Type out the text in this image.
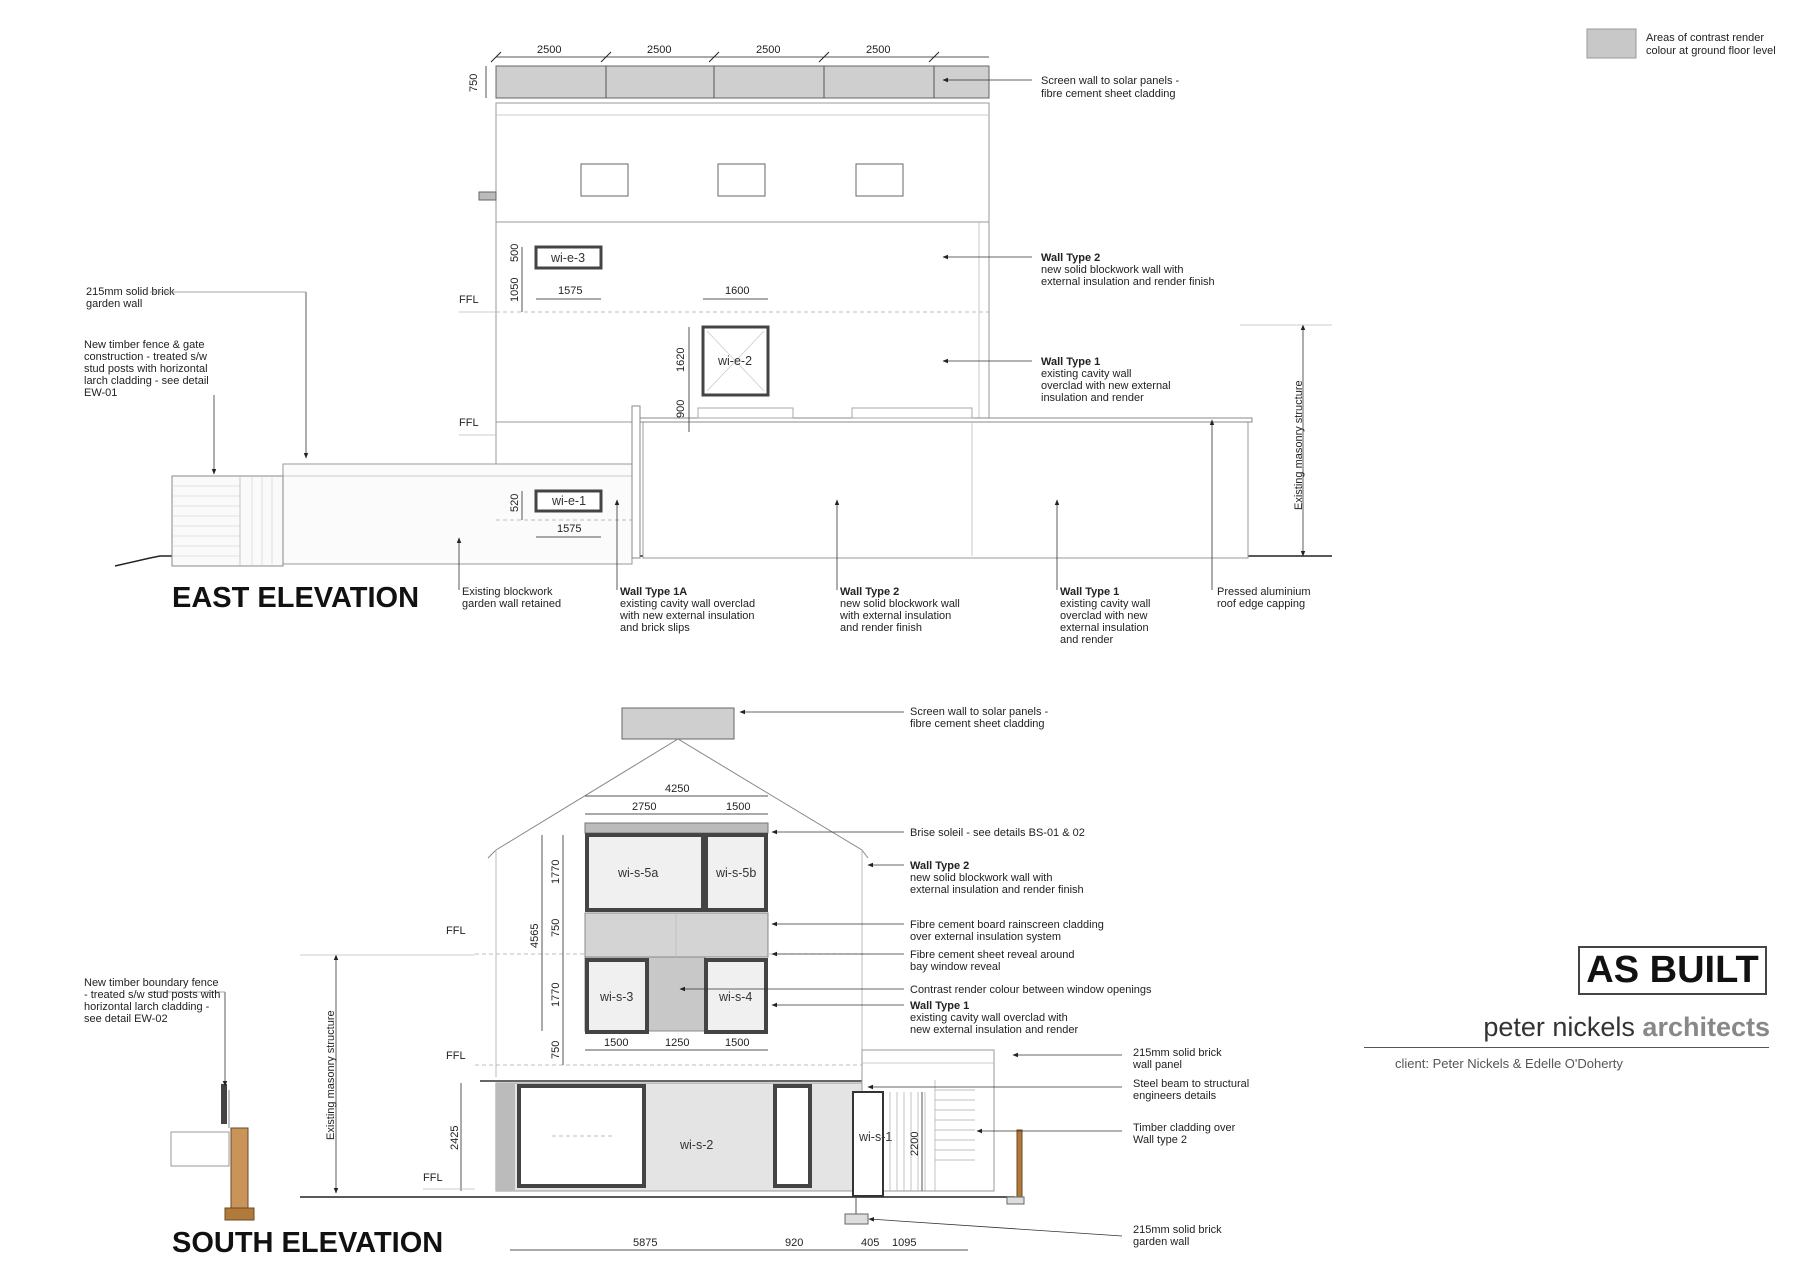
Areas of contrast render
colour at ground floor level
wi-e-3
wi-e-2
wi-e-1
2500	2500	2500	2500
750
500
1050	1575	1600
1620
900
520
1575
FFL
FFL	Existing masonry structure
Screen wall to solar panels -
fibre cement sheet cladding
Wall Type 2
new solid blockwork wall with
external insulation and render finish
Wall Type 1
existing cavity wall
overclad with new external
insulation and render
215mm solid brick
garden wall
New timber fence & gate
construction - treated s/w
stud posts with horizontal
larch cladding - see detail
EW-01
Existing blockwork
garden wall retained
Wall Type 1A
existing cavity wall overclad
with new external insulation
and brick slips
Wall Type 2
new solid blockwork wall
with external insulation
and render finish
Wall Type 1
existing cavity wall
overclad with new
external insulation
and render
Pressed aluminium
roof edge capping
EAST ELEVATION
wi-s-5a	wi-s-5b
wi-s-3	wi-s-4
wi-s-2
wi-s-1
4250
2750	1500
1770
750
1770
750
4565
1500	1250	1500
2425	2200
5875	920	405 1095
FFL
FFL
FFL
Existing masonry structure
Screen wall to solar panels -
fibre cement sheet cladding
Brise soleil - see details BS-01 & 02
Wall Type 2
new solid blockwork wall with
external insulation and render finish
Fibre cement board rainscreen cladding
over external insulation system
Fibre cement sheet reveal around
bay window reveal
Contrast render colour between window openings
Wall Type 1
existing cavity wall overclad with
new external insulation and render
New timber boundary fence
- treated s/w stud posts with
horizontal larch cladding -
see detail EW-02
215mm solid brick
wall panel
Steel beam to structural
engineers details
Timber cladding over
Wall type 2
215mm solid brick
garden wall
SOUTH ELEVATION
AS BUILT
peter nickels architects
client: Peter Nickels & Edelle O'Doherty
